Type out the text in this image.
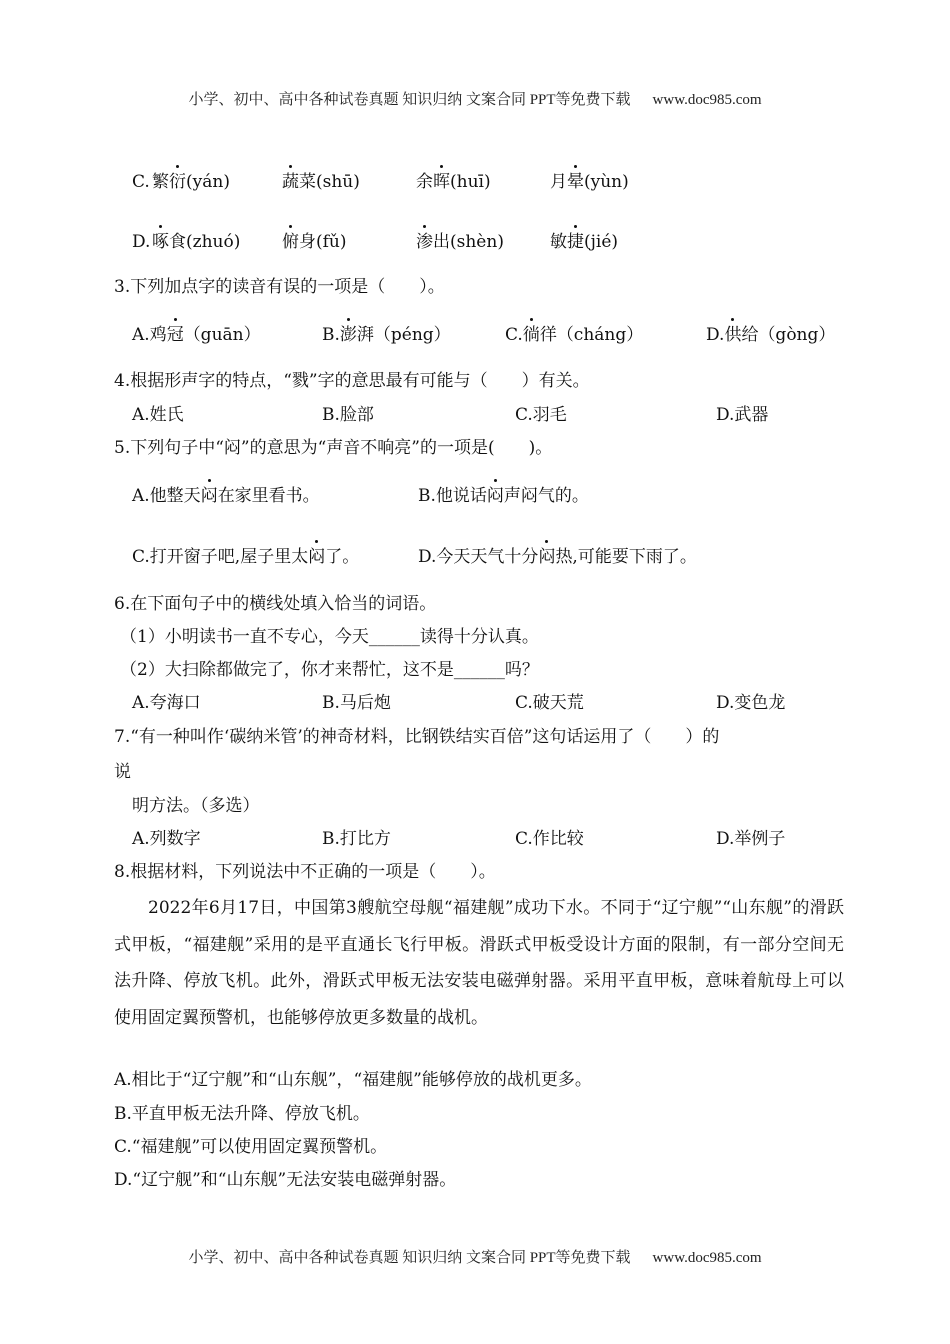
小学、初中、高中各种试卷真题 知识归纳 文案合同 PPT等免费下载 www.doc985.com
C. 繁衍(yán)	蔬菜(shū)	余晖(huī)	月晕(yùn)
D. 啄食(zhuó) 俯身(fǔ)	渗出(shèn)	敏捷(jié)
3.下列加点字的读音有误的一项是（　　）。
A.鸡冠（guān）	B.澎湃（péng）	C.徜徉（cháng）	D.供给（gòng）
4.根据形声字的特点，“戮”字的意思最有可能与（　　）有关。
A.姓氏	B.脸部	C.羽毛	D.武器
5.下列句子中“闷”的意思为“声音不响亮”的一项是(　　)。
A.他整天闷在家里看书。	B.他说话闷声闷气的。
C.打开窗子吧,屋子里太闷了。	D.今天天气十分闷热,可能要下雨了。
6.在下面句子中的横线处填入恰当的词语。
（1）小明读书一直不专心，今天______读得十分认真。
（2）大扫除都做完了，你才来帮忙，这不是______吗？
A.夸海口	B.马后炮	C.破天荒	D.变色龙
7.“有一种叫作‘碳纳米管’的神奇材料，比钢铁结实百倍”这句话运用了（　　）的
说
明方法。（多选）
A.列数字	B.打比方	C.作比较	D.举例子
8.根据材料，下列说法中不正确的一项是（　　）。
2022年6月17日，中国第3艘航空母舰“福建舰”成功下水。不同于“辽宁舰”“山东舰”的滑跃式甲板，“福建舰”采用的是平直通长飞行甲板。滑跃式甲板受设计方面的限制，有一部分空间无法升降、停放飞机。此外，滑跃式甲板无法安装电磁弹射器。采用平直甲板，意味着航母上可以使用固定翼预警机，也能够停放更多数量的战机。
A.相比于“辽宁舰”和“山东舰”，“福建舰”能够停放的战机更多。
B.平直甲板无法升降、停放飞机。
C.“福建舰”可以使用固定翼预警机。
D.“辽宁舰”和“山东舰”无法安装电磁弹射器。
小学、初中、高中各种试卷真题 知识归纳 文案合同 PPT等免费下载 www.doc985.com
